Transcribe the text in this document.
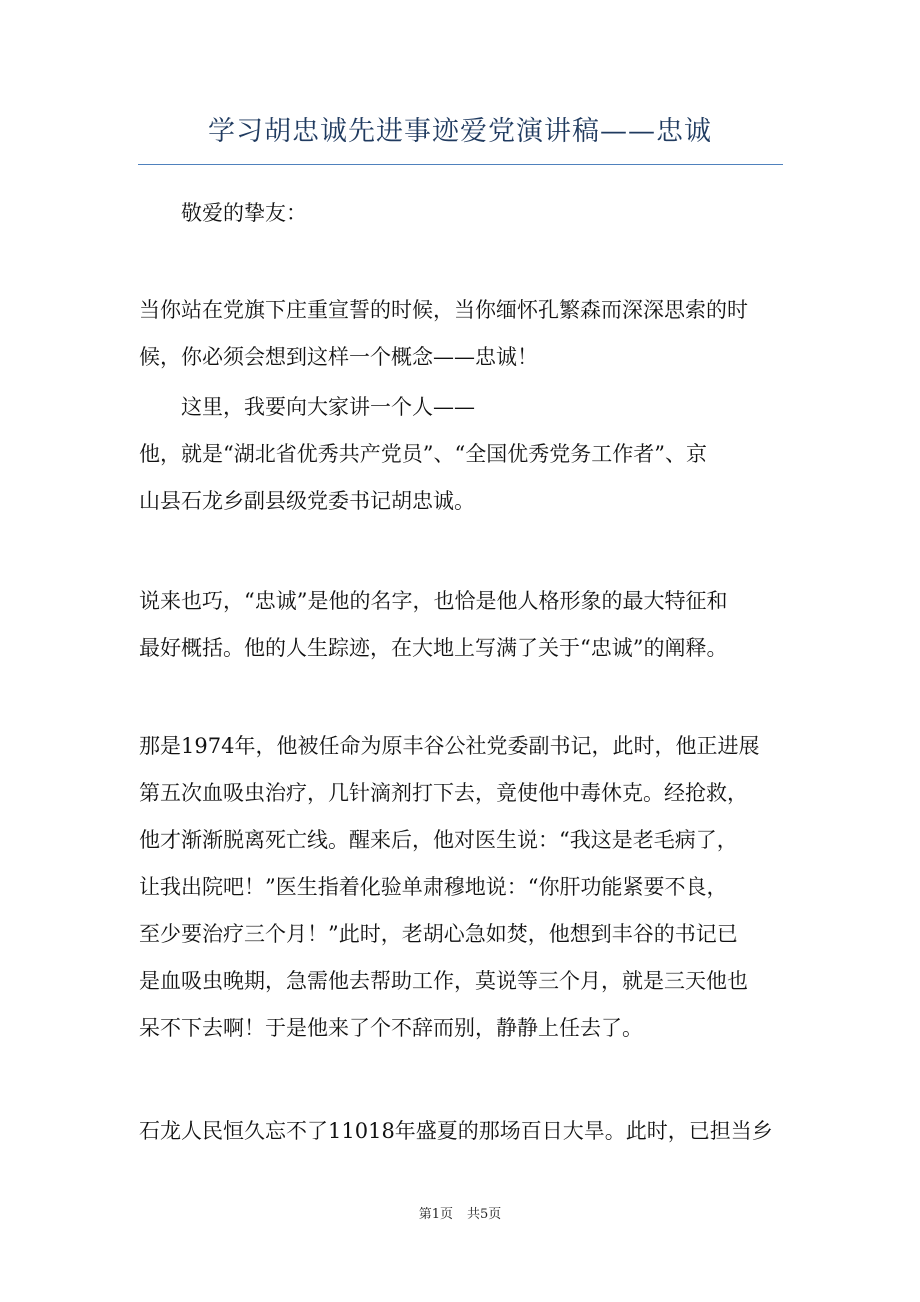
学习胡忠诚先进事迹爱党演讲稿——忠诚

敬爱的挚友：

当你站在党旗下庄重宣誓的时候，当你缅怀孔繁森而深深思索的时
候，你必须会想到这样一个概念——忠诚！

这里，我要向大家讲一个人——

他，就是“湖北省优秀共产党员”、“全国优秀党务工作者”、京
山县石龙乡副县级党委书记胡忠诚。

说来也巧，“忠诚”是他的名字，也恰是他人格形象的最大特征和
最好概括。他的人生踪迹，在大地上写满了关于“忠诚”的阐释。

那是1974年，他被任命为原丰谷公社党委副书记，此时，他正进展
第五次血吸虫治疗，几针滴剂打下去，竟使他中毒休克。经抢救，
他才渐渐脱离死亡线。醒来后，他对医生说：“我这是老毛病了，
让我出院吧！”医生指着化验单肃穆地说：“你肝功能紧要不良，
至少要治疗三个月！”此时，老胡心急如焚，他想到丰谷的书记已
是血吸虫晚期，急需他去帮助工作，莫说等三个月，就是三天他也
呆不下去啊！于是他来了个不辞而别，静静上任去了。

石龙人民恒久忘不了11018年盛夏的那场百日大旱。此时，已担当乡

第1页 共5页
